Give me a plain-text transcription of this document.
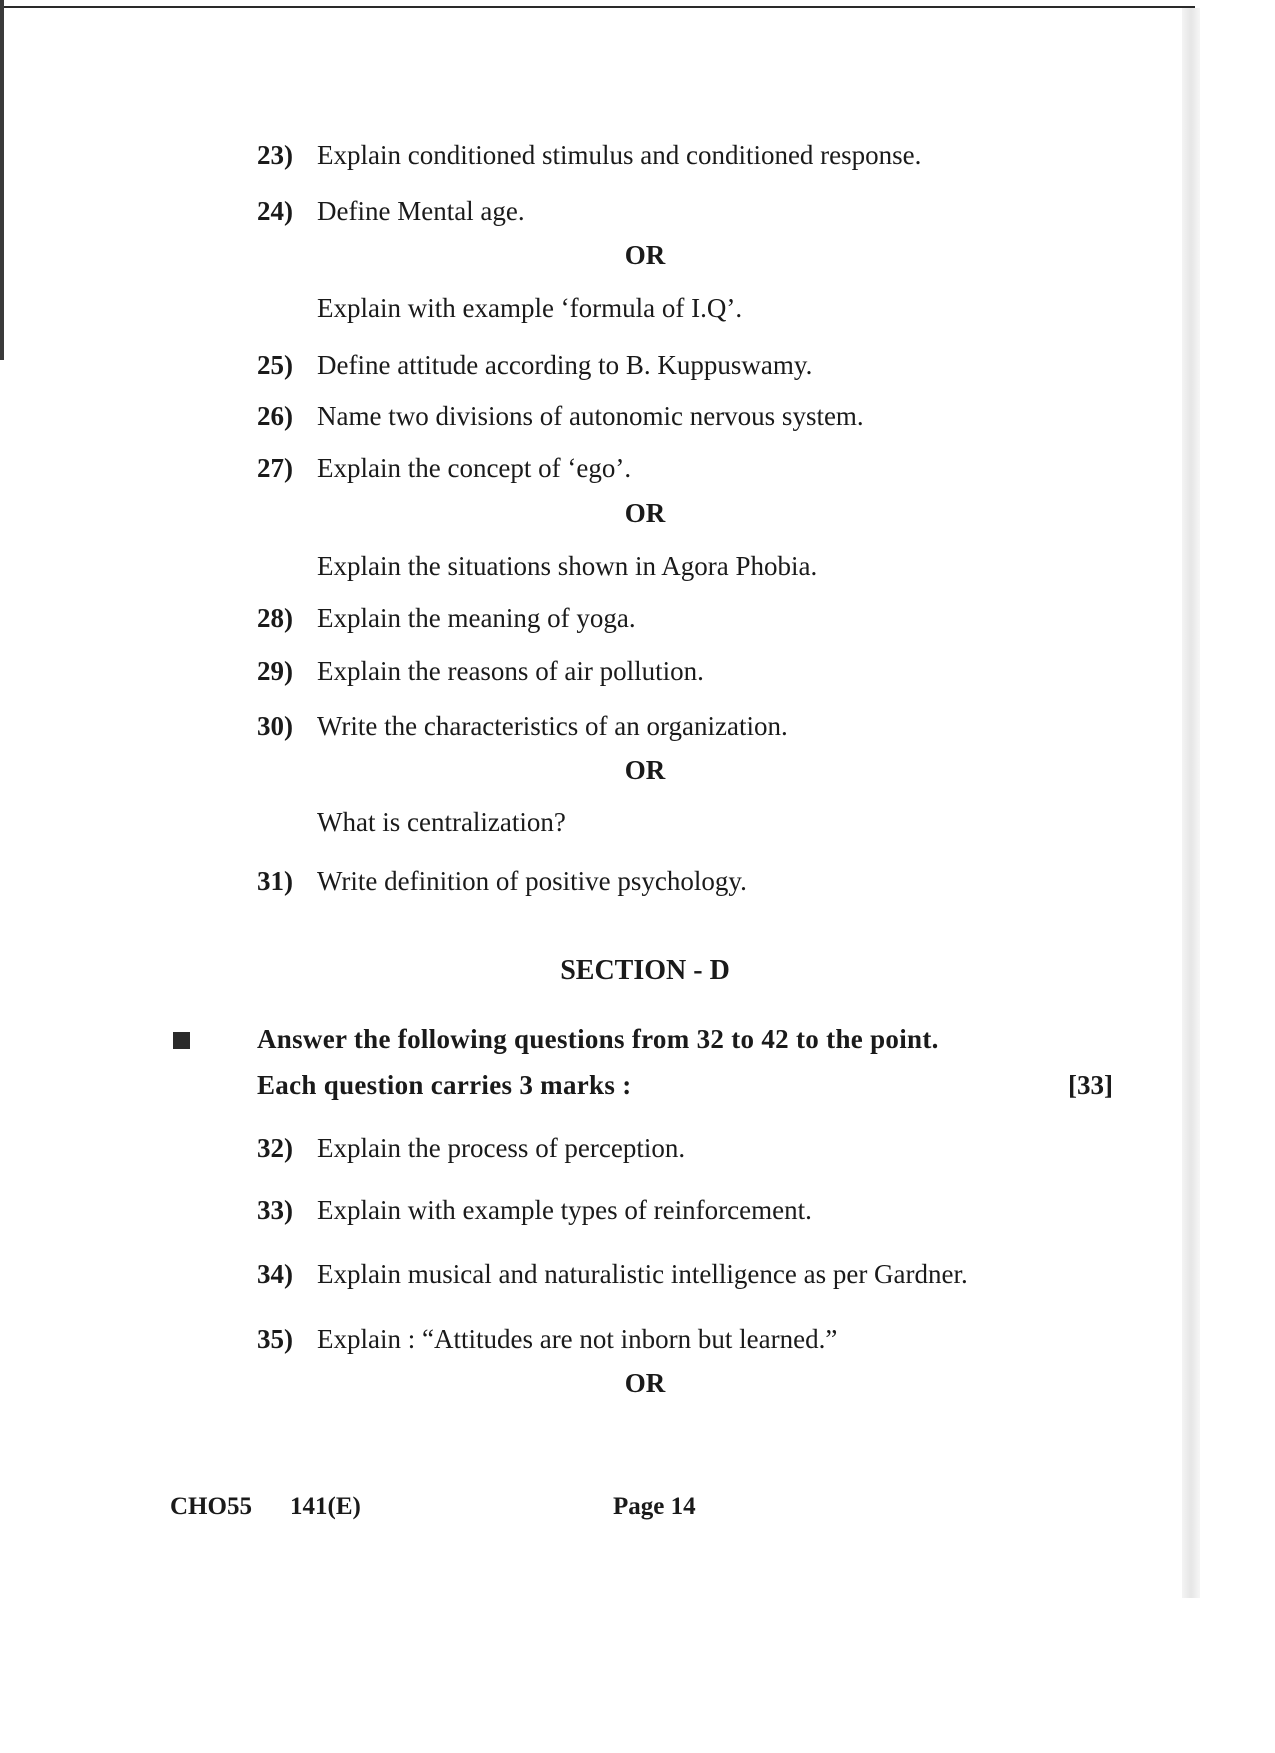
23) Explain conditioned stimulus and conditioned response.
24) Define Mental age.
OR
Explain with example ‘formula of I.Q’.
25) Define attitude according to B. Kuppuswamy.
26) Name two divisions of autonomic nervous system.
27) Explain the concept of ‘ego’.
OR
Explain the situations shown in Agora Phobia.
28) Explain the meaning of yoga.
29) Explain the reasons of air pollution.
30) Write the characteristics of an organization.
OR
What is centralization?
31) Write definition of positive psychology.
SECTION - D
Answer the following questions from 32 to 42 to the point.
Each question carries 3 marks :	[33]
32) Explain the process of perception.
33) Explain with example types of reinforcement.
34) Explain musical and naturalistic intelligence as per Gardner.
35) Explain : “Attitudes are not inborn but learned.”
OR
CHO55 141(E)	Page 14
